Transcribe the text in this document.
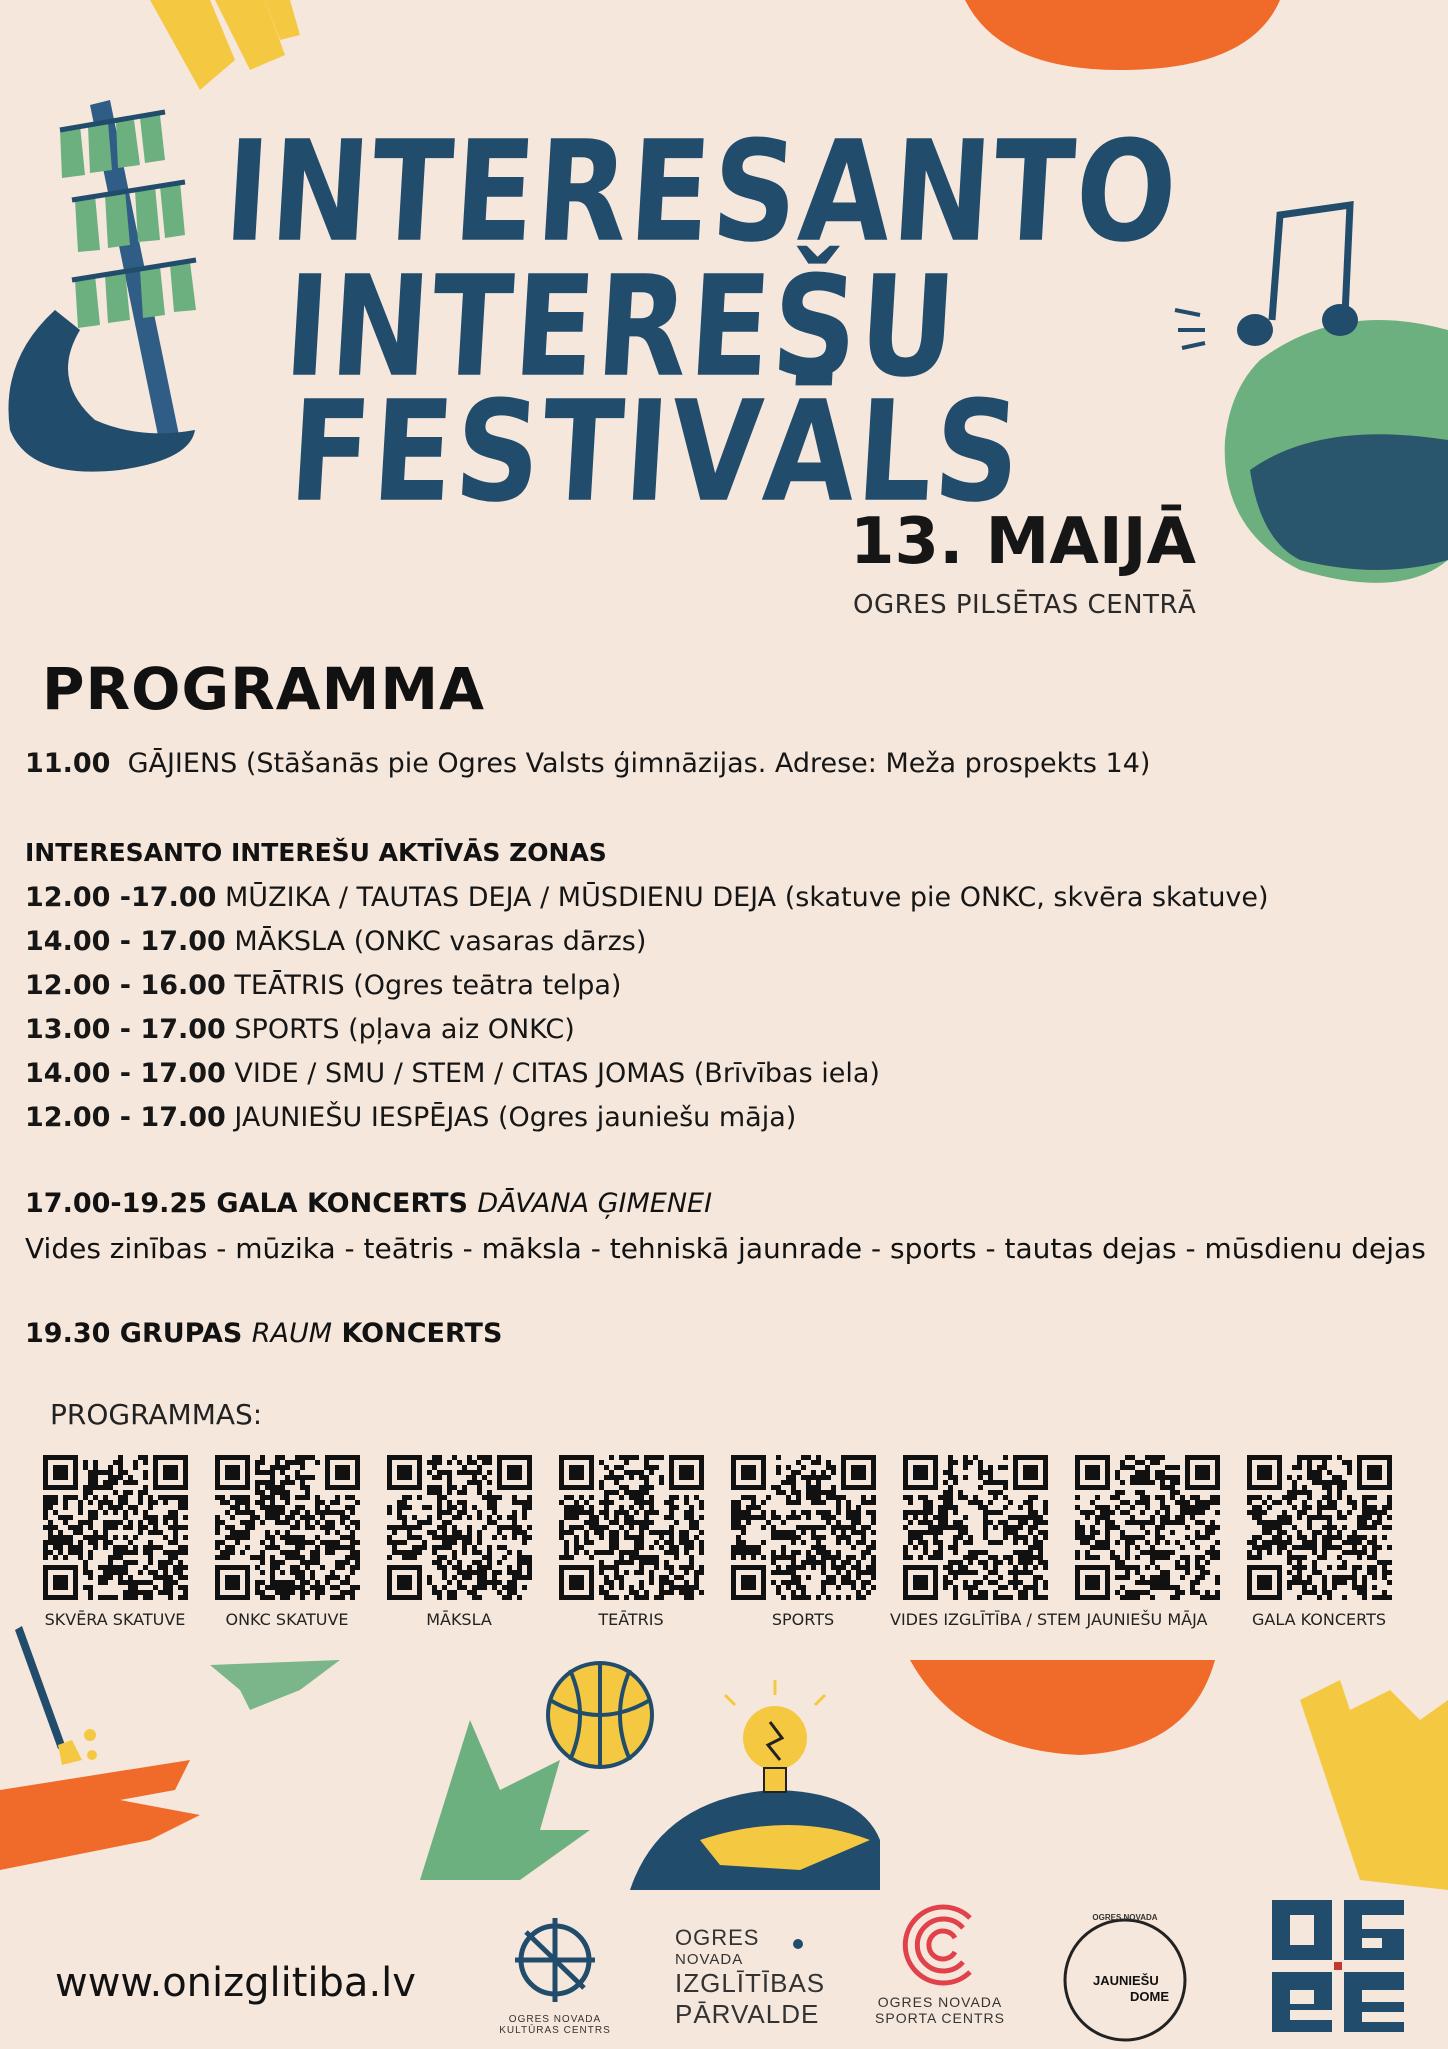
INTERESANTO
INTEREŠU
FESTIVĀLS
13. MAIJĀ
OGRES PILSĒTAS CENTRĀ
PROGRAMMA
11.00 GĀJIENS (Stāšanās pie Ogres Valsts ģimnāzijas. Adrese: Meža prospekts 14)
INTERESANTO INTEREŠU AKTĪVĀS ZONAS
12.00 -17.00 MŪZIKA / TAUTAS DEJA / MŪSDIENU DEJA (skatuve pie ONKC, skvēra skatuve)
14.00 - 17.00 MĀKSLA (ONKC vasaras dārzs)
12.00 - 16.00 TEĀTRIS (Ogres teātra telpa)
13.00 - 17.00 SPORTS (pļava aiz ONKC)
14.00 - 17.00 VIDE / SMU / STEM / CITAS JOMAS (Brīvības iela)
12.00 - 17.00 JAUNIEŠU IESPĒJAS (Ogres jauniešu māja)
17.00-19.25 GALA KONCERTS DĀVANA ĢIMENEI
Vides zinības - mūzika - teātris - māksla - tehniskā jaunrade - sports - tautas dejas - mūsdienu dejas
19.30 GRUPAS RAUM KONCERTS
PROGRAMMAS:
SKVĒRA SKATUVE	ONKC SKATUVE	MĀKSLA	TEĀTRIS	SPORTS	VIDES IZGLĪTĪBA / STEM JAUNIEŠU MĀJA	GALA KONCERTS
www.onizglitiba.lv
OGRES NOVADA KULTŪRAS CENTRS
OGRES
NOVADA
IZGLĪTĪBAS
PĀRVALDE	OGRES NOVADA
SPORTA CENTRS
OGRES NOVADA
JAUNIEŠU
DOME
